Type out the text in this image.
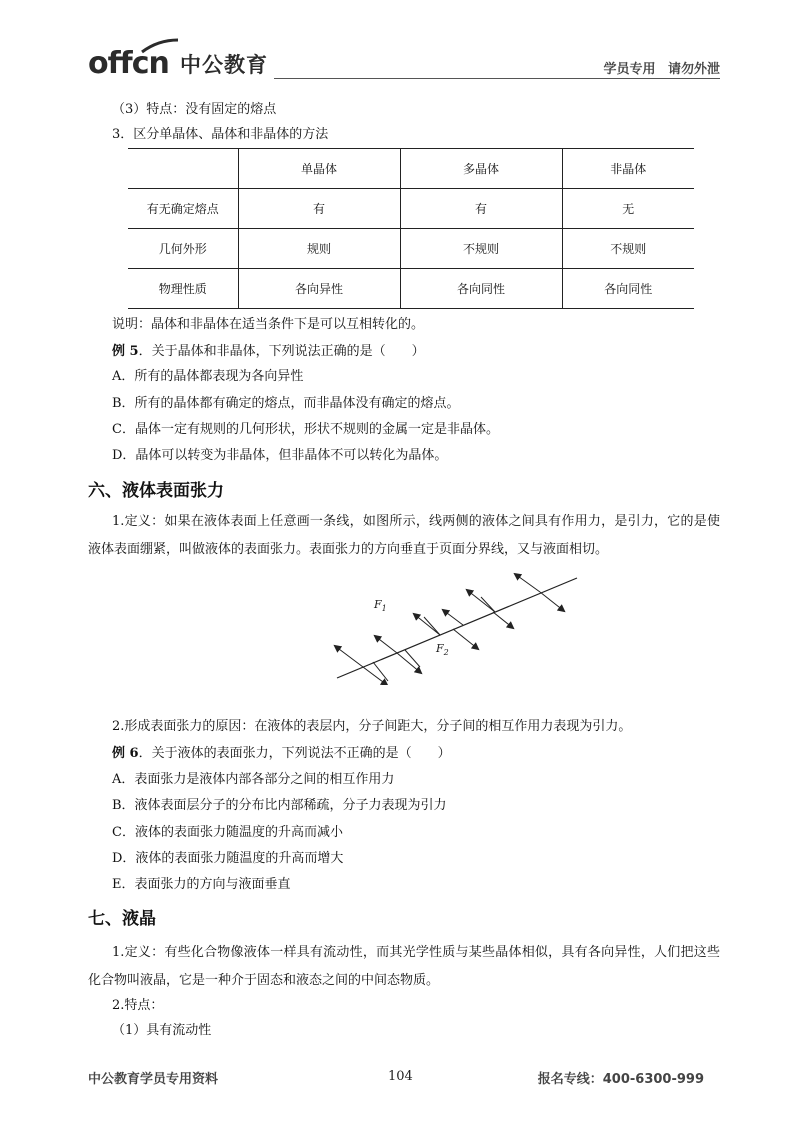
offcn 中公教育	学员专用 请勿外泄
（3）特点：没有固定的熔点
3．区分单晶体、晶体和非晶体的方法
	单晶体	多晶体	非晶体
有无确定熔点	有	有	无
几何外形	规则	不规则	不规则
物理性质	各向异性	各向同性	各向同性
说明：晶体和非晶体在适当条件下是可以互相转化的。
例 5．关于晶体和非晶体，下列说法正确的是（　　）
A．所有的晶体都表现为各向异性
B．所有的晶体都有确定的熔点，而非晶体没有确定的熔点。
C．晶体一定有规则的几何形状，形状不规则的金属一定是非晶体。
D．晶体可以转变为非晶体，但非晶体不可以转化为晶体。
六、液体表面张力
1.定义：如果在液体表面上任意画一条线，如图所示，线两侧的液体之间具有作用力，是引力，它的是使液体表面绷紧，叫做液体的表面张力。表面张力的方向垂直于页面分界线，又与液面相切。
$F_1$
$F_2$
2.形成表面张力的原因：在液体的表层内，分子间距大，分子间的相互作用力表现为引力。
例 6．关于液体的表面张力，下列说法不正确的是（　　）
A．表面张力是液体内部各部分之间的相互作用力
B．液体表面层分子的分布比内部稀疏，分子力表现为引力
C．液体的表面张力随温度的升高而减小
D．液体的表面张力随温度的升高而增大
E．表面张力的方向与液面垂直
七、液晶
1.定义：有些化合物像液体一样具有流动性，而其光学性质与某些晶体相似，具有各向异性，人们把这些化合物叫液晶，它是一种介于固态和液态之间的中间态物质。
2.特点：
（1）具有流动性
中公教育学员专用资料	104	报名专线：400-6300-999
